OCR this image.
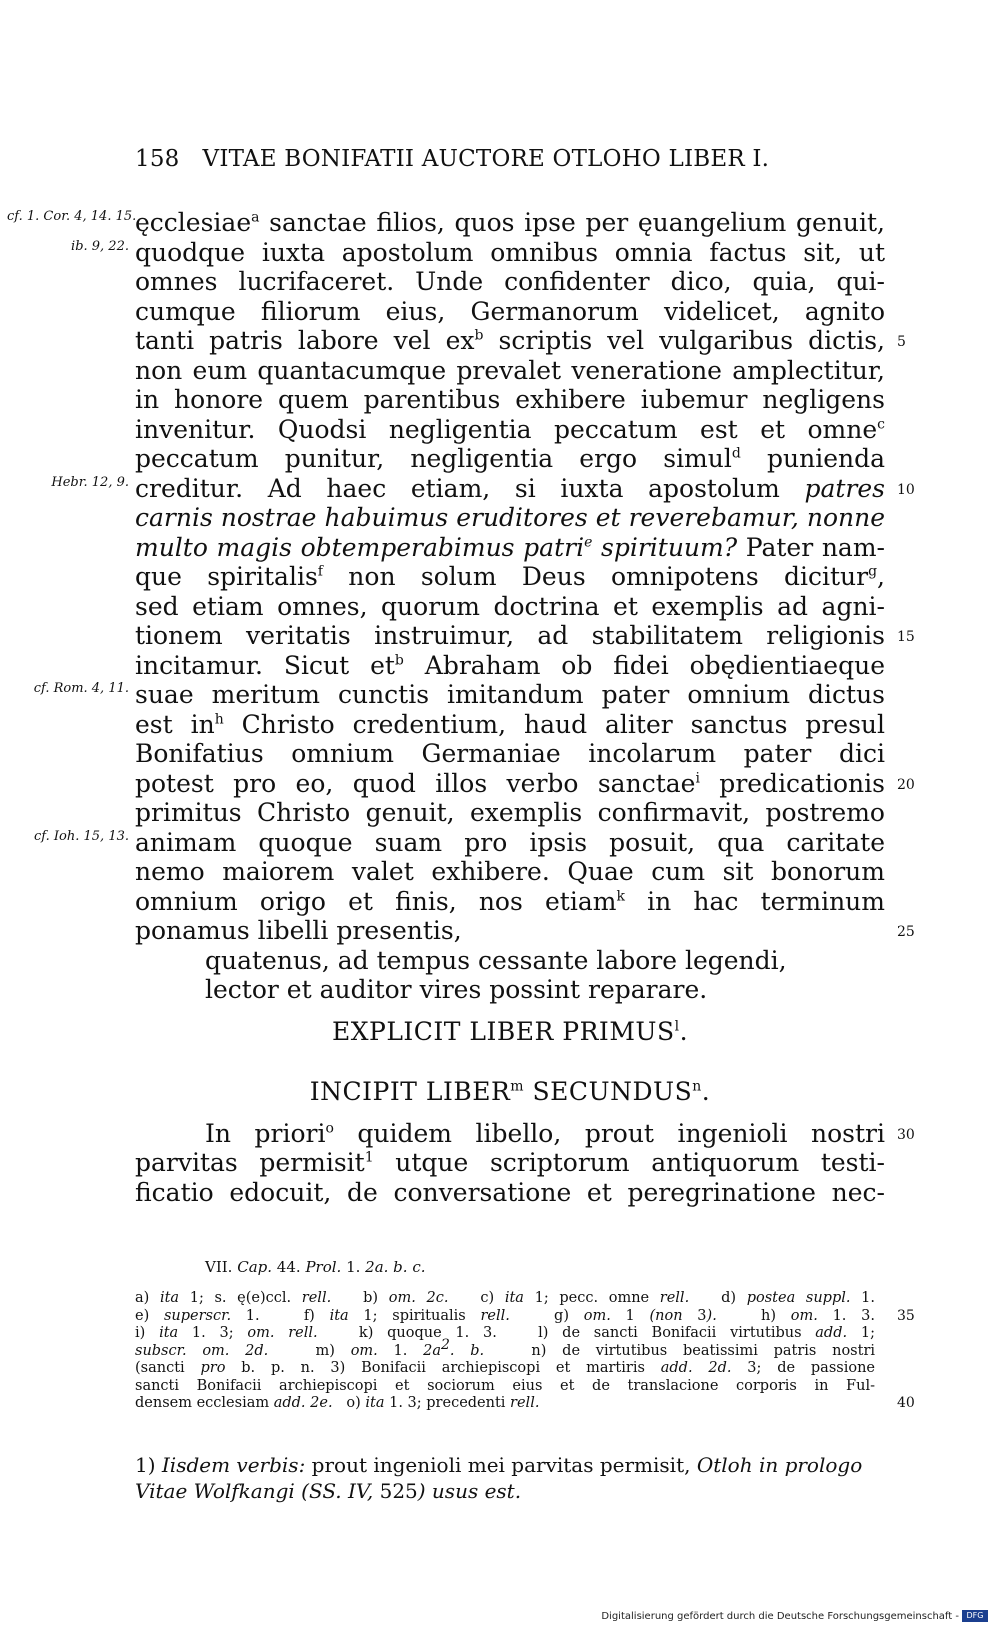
158 VITAE BONIFATII AUCTORE OTLOHO LIBER I.
cf. 1. Cor. 4, 14. 15.
ęcclesiae$^a$ sanctae filios, quos ipse per ęuangelium genuit,
ib. 9, 22. quodque iuxta apostolum omnibus omnia factus sit, ut
omnes lucrifaceret. Unde confidenter dico, quia, qui-
cumque filiorum eius, Germanorum videlicet, agnito
tanti patris labore vel $ex^b$ scriptis vel vulgaribus dictis, 5
non eum quantacumque prevalet veneratione amplectitur,
in honore quem parentibus exhibere iubemur negligens
invenitur. Quodsi negligentia peccatum est et omne$^c$
peccatum punitur, negligentia ergo simul$^d$ punienda
Hebr. 12, 9. creditur. Ad haec etiam, si iuxta apostolum patres 10
carnis nostrae habuimus eruditores et reverebamur, nonne
multo magis obtemperabimus patri$^e$ spirituum? Pater nam-
que spiritalis$^f$ non solum Deus omnipotens dicitur$^g$,
sed etiam omnes, quorum doctrina et exemplis ad agni-
tionem veritatis instruimur, ad stabilitatem religionis 15
incitamur. Sicut $et^b$ Abraham ob fidei obędientiaeque
cf. Rom. 4, 11. suae meritum cunctis imitandum pater omnium dictus
est $in^h$ Christo credentium, haud aliter sanctus presul
Bonifatius omnium Germaniae incolarum pater dici
potest pro eo, quod illos verbo sanctae$^i$ predicationis 20
primitus Christo genuit, exemplis confirmavit, postremo
cf. Ioh. 15, 13. animam quoque suam pro ipsis posuit, qua caritate
nemo maiorem valet exhibere. Quae cum sit bonorum
omnium origo et finis, nos etiam$^k$ in hac terminum
ponamus libelli presentis,	25
quatenus, ad tempus cessante labore legendi,
lector et auditor vires possint reparare.
EXPLICIT LIBER PRIMUS$^l$.
INCIPIT LIBER$^m$ SECUNDUS$^n$.
In priori$^o$ quidem libello, prout ingenioli nostri 30
parvitas permisit$^1$ utque scriptorum antiquorum testi-
ficatio edocuit, de conversatione et peregrinatione nec-
VII. Cap. 44. Prol. 1. 2a. b. c.
a) ita 1; s. ę(e)ccl. rell.   b) om. 2c.   c) ita 1; pecc. omne rell.   d) postea suppl. 1.
e) superscr. 1.   f) ita 1; spiritualis rell.   g) om. 1 (non 3).   h) om. 1. 3. 35
i) ita 1. 3; om. rell.   k) quoque 1. 3.   l) de sancti Bonifacii virtutibus add. 1;
subscr. om. 2d.   m) om. 1. $2a^2$. b.   n) de virtutibus beatissimi patris nostri
(sancti pro b. p. n. 3) Bonifacii archiepiscopi et martiris add. 2d. 3; de passione
sancti Bonifacii archiepiscopi et sociorum eius et de translacione corporis in Ful-
densem ecclesiam add. 2e.   o) ita 1. 3; precedenti rell.	40
1) Iisdem verbis: prout ingenioli mei parvitas permisit, Otloh in prologo Vitae Wolfkangi (SS. IV, 525) usus est.
Digitalisierung gefördert durch die Deutsche Forschungsgemeinschaft - DFG
